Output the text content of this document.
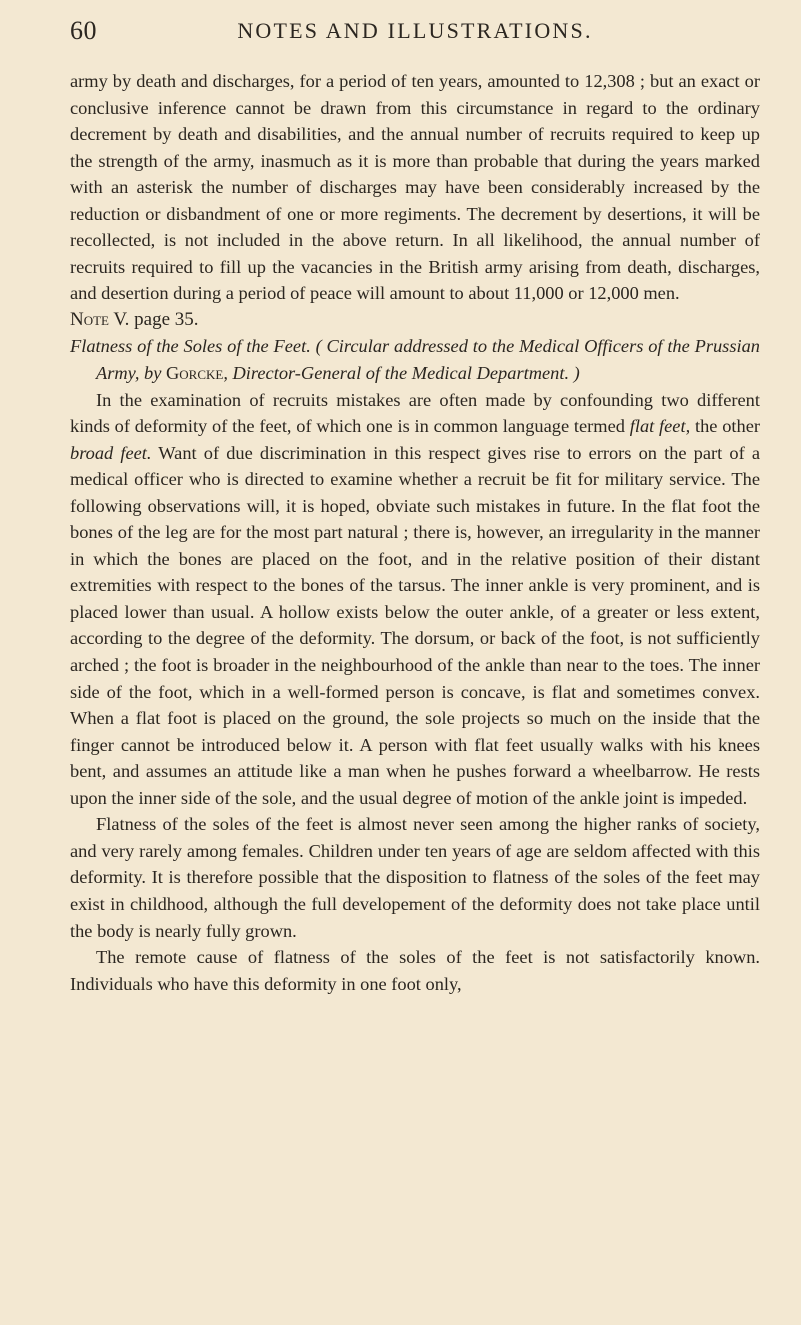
60	NOTES AND ILLUSTRATIONS.

army by death and discharges, for a period of ten years, amounted to 12,308 ; but an exact or conclusive inference cannot be drawn from this circumstance in regard to the ordinary decrement by death and disabilities, and the annual number of recruits required to keep up the strength of the army, inasmuch as it is more than probable that during the years marked with an asterisk the number of discharges may have been considerably increased by the reduction or disbandment of one or more regiments. The decrement by desertions, it will be recollected, is not included in the above return. In all likelihood, the annual number of recruits required to fill up the vacancies in the British army arising from death, discharges, and desertion during a period of peace will amount to about 11,000 or 12,000 men.

Note V. page 35.

Flatness of the Soles of the Feet. ( Circular addressed to the Medical Officers of the Prussian Army, by Gorcke, Director-General of the Medical Department. )

In the examination of recruits mistakes are often made by confounding two different kinds of deformity of the feet, of which one is in common language termed flat feet, the other broad feet. Want of due discrimination in this respect gives rise to errors on the part of a medical officer who is directed to examine whether a recruit be fit for military service. The following observations will, it is hoped, obviate such mistakes in future. In the flat foot the bones of the leg are for the most part natural ; there is, however, an irregularity in the manner in which the bones are placed on the foot, and in the relative position of their distant extremities with respect to the bones of the tarsus. The inner ankle is very prominent, and is placed lower than usual. A hollow exists below the outer ankle, of a greater or less extent, according to the degree of the deformity. The dorsum, or back of the foot, is not sufficiently arched ; the foot is broader in the neighbourhood of the ankle than near to the toes. The inner side of the foot, which in a well-formed person is concave, is flat and sometimes convex. When a flat foot is placed on the ground, the sole projects so much on the inside that the finger cannot be introduced below it. A person with flat feet usually walks with his knees bent, and assumes an attitude like a man when he pushes forward a wheelbarrow. He rests upon the inner side of the sole, and the usual degree of motion of the ankle joint is impeded.

Flatness of the soles of the feet is almost never seen among the higher ranks of society, and very rarely among females. Children under ten years of age are seldom affected with this deformity. It is therefore possible that the disposition to flatness of the soles of the feet may exist in childhood, although the full developement of the deformity does not take place until the body is nearly fully grown.

The remote cause of flatness of the soles of the feet is not satisfactorily known. Individuals who have this deformity in one foot only,
